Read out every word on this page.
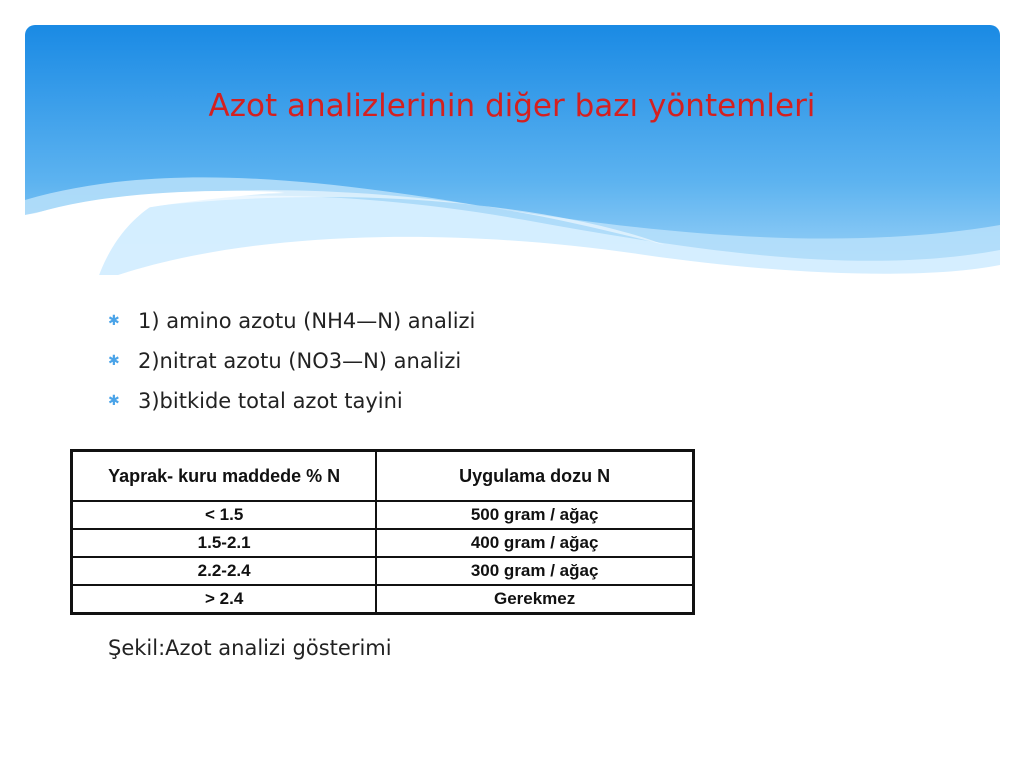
Azot analizlerinin diğer bazı yöntemleri
✱ 1) amino azotu (NH4—N) analizi
✱ 2)nitrat azotu (NO3—N) analizi
✱ 3)bitkide total azot tayini
Yaprak- kuru maddede % N	Uygulama dozu N
< 1.5	500 gram / ağaç
1.5-2.1	400 gram / ağaç
2.2-2.4	300 gram / ağaç
> 2.4	Gerekmez
Şekil:Azot analizi gösterimi
